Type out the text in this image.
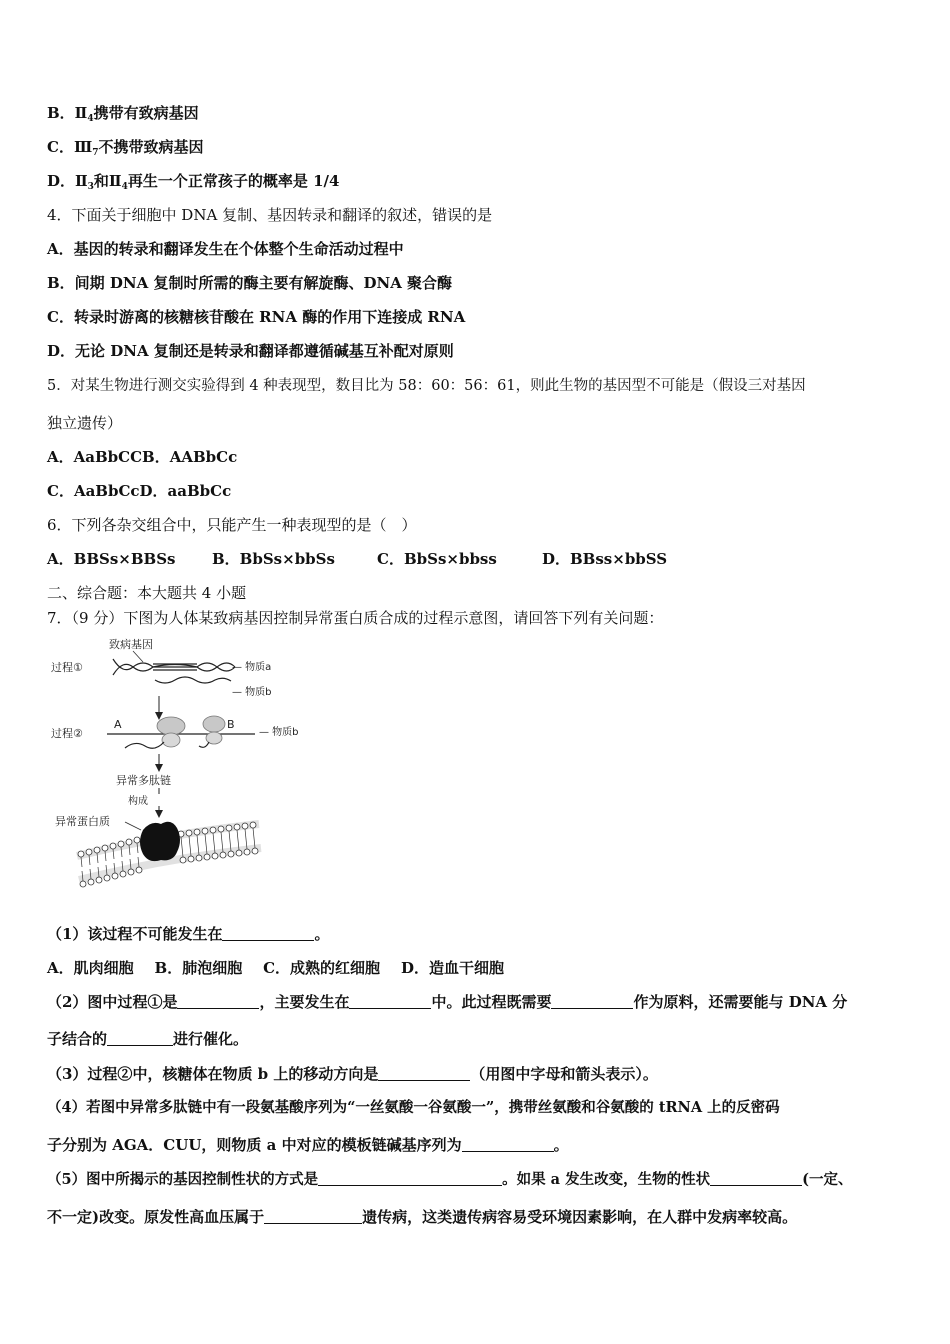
B．$Ⅱ_4$携带有致病基因
C．$Ⅲ_7$不携带致病基因
D．$Ⅱ_3$和$Ⅱ_4$再生一个正常孩子的概率是 1/4
4．下面关于细胞中 DNA 复制、基因转录和翻译的叙述，错误的是
A．基因的转录和翻译发生在个体整个生命活动过程中
B．间期 DNA 复制时所需的酶主要有解旋酶、DNA 聚合酶
C．转录时游离的核糖核苷酸在 RNA 酶的作用下连接成 RNA
D．无论 DNA 复制还是转录和翻译都遵循碱基互补配对原则
5．对某生物进行测交实验得到 4 种表现型，数目比为 58：60：56：61，则此生物的基因型不可能是（假设三对基因
独立遗传）
A．AaBbCCB．AABbCc
C．AaBbCcD．aaBbCc
6．下列各杂交组合中，只能产生一种表现型的是（　）
A．BBSs×BBSs B．BbSs×bbSs	C．BbSs×bbss	D．BBss×bbSS
二、综合题：本大题共 4 小题
7．（9 分）下图为人体某致病基因控制异常蛋白质合成的过程示意图，请回答下列有关问题：
致病基因
过程①	— 物质a
— 物质b
过程②
A	B
— 物质b
异常多肽链
构成
异常蛋白质
（1）该过程不可能发生在	。
A．肌肉细胞 B．肺泡细胞 C．成熟的红细胞 D．造血干细胞
（2）图中过程①是	，主要发生在	中。此过程既需要	作为原料，还需要能与 DNA 分
子结合的	进行催化。
（3）过程②中，核糖体在物质 b 上的移动方向是	（用图中字母和箭头表示）。
（4）若图中异常多肽链中有一段氨基酸序列为“一丝氨酸一谷氨酸一”，携带丝氨酸和谷氨酸的 tRNA 上的反密码
子分别为 AGA．CUU，则物质 a 中对应的模板链碱基序列为	。
（5）图中所揭示的基因控制性状的方式是	。如果 a 发生改变，生物的性状	(一定、
不一定)改变。原发性高血压属于	遗传病，这类遗传病容易受环境因素影响，在人群中发病率较高。
